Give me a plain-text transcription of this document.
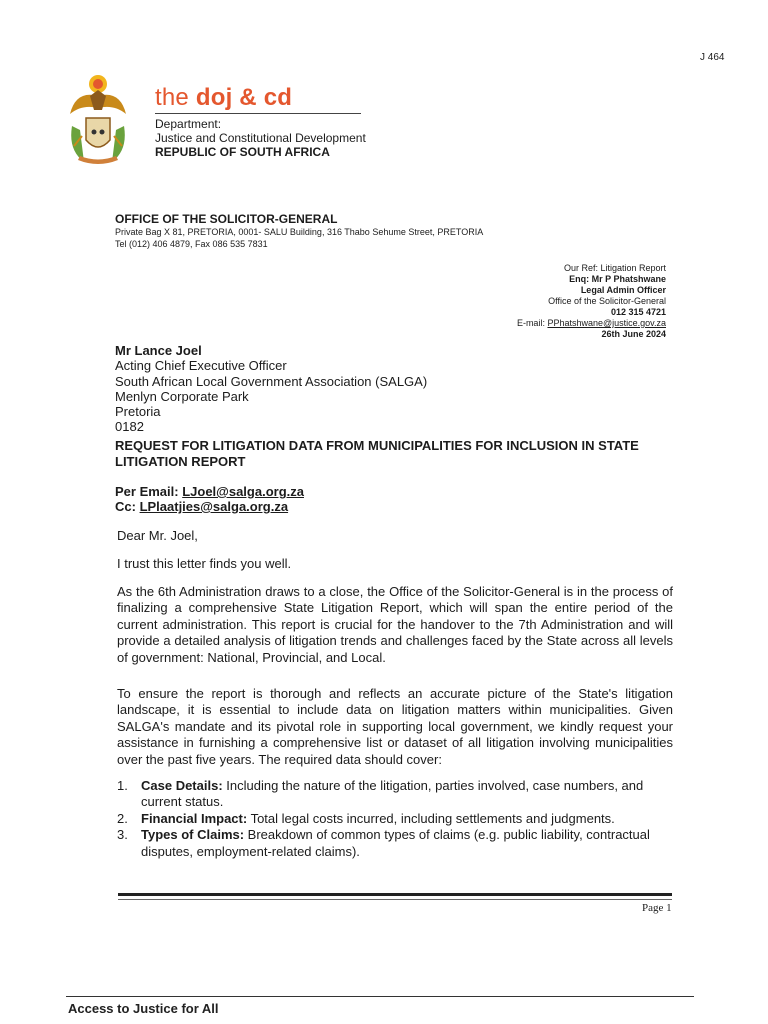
J 464
the doj & cd
Department:
Justice and Constitutional Development
REPUBLIC OF SOUTH AFRICA
OFFICE OF THE SOLICITOR-GENERAL
Private Bag X 81, PRETORIA, 0001- SALU Building, 316 Thabo Sehume Street, PRETORIA
Tel (012) 406 4879, Fax 086 535 7831
Our Ref: Litigation Report
Enq: Mr P Phatshwane
Legal Admin Officer
Office of the Solicitor-General
012 315 4721
E-mail: PPhatshwane@justice.gov.za
26th June 2024
Mr Lance Joel
Acting Chief Executive Officer
South African Local Government Association (SALGA)
Menlyn Corporate Park
Pretoria
0182
REQUEST FOR LITIGATION DATA FROM MUNICIPALITIES FOR INCLUSION IN STATE LITIGATION REPORT
Per Email: LJoel@salga.org.za
Cc: LPlaatjies@salga.org.za
Dear Mr. Joel,
I trust this letter finds you well.
As the 6th Administration draws to a close, the Office of the Solicitor-General is in the process of finalizing a comprehensive State Litigation Report, which will span the entire period of the current administration. This report is crucial for the handover to the 7th Administration and will provide a detailed analysis of litigation trends and challenges faced by the State across all levels of government: National, Provincial, and Local.
To ensure the report is thorough and reflects an accurate picture of the State's litigation landscape, it is essential to include data on litigation matters within municipalities. Given SALGA's mandate and its pivotal role in supporting local government, we kindly request your assistance in furnishing a comprehensive list or dataset of all litigation involving municipalities over the past five years. The required data should cover:
1. Case Details: Including the nature of the litigation, parties involved, case numbers, and current status.
2. Financial Impact: Total legal costs incurred, including settlements and judgments.
3. Types of Claims: Breakdown of common types of claims (e.g. public liability, contractual disputes, employment-related claims).
Page 1
Access to Justice for All
